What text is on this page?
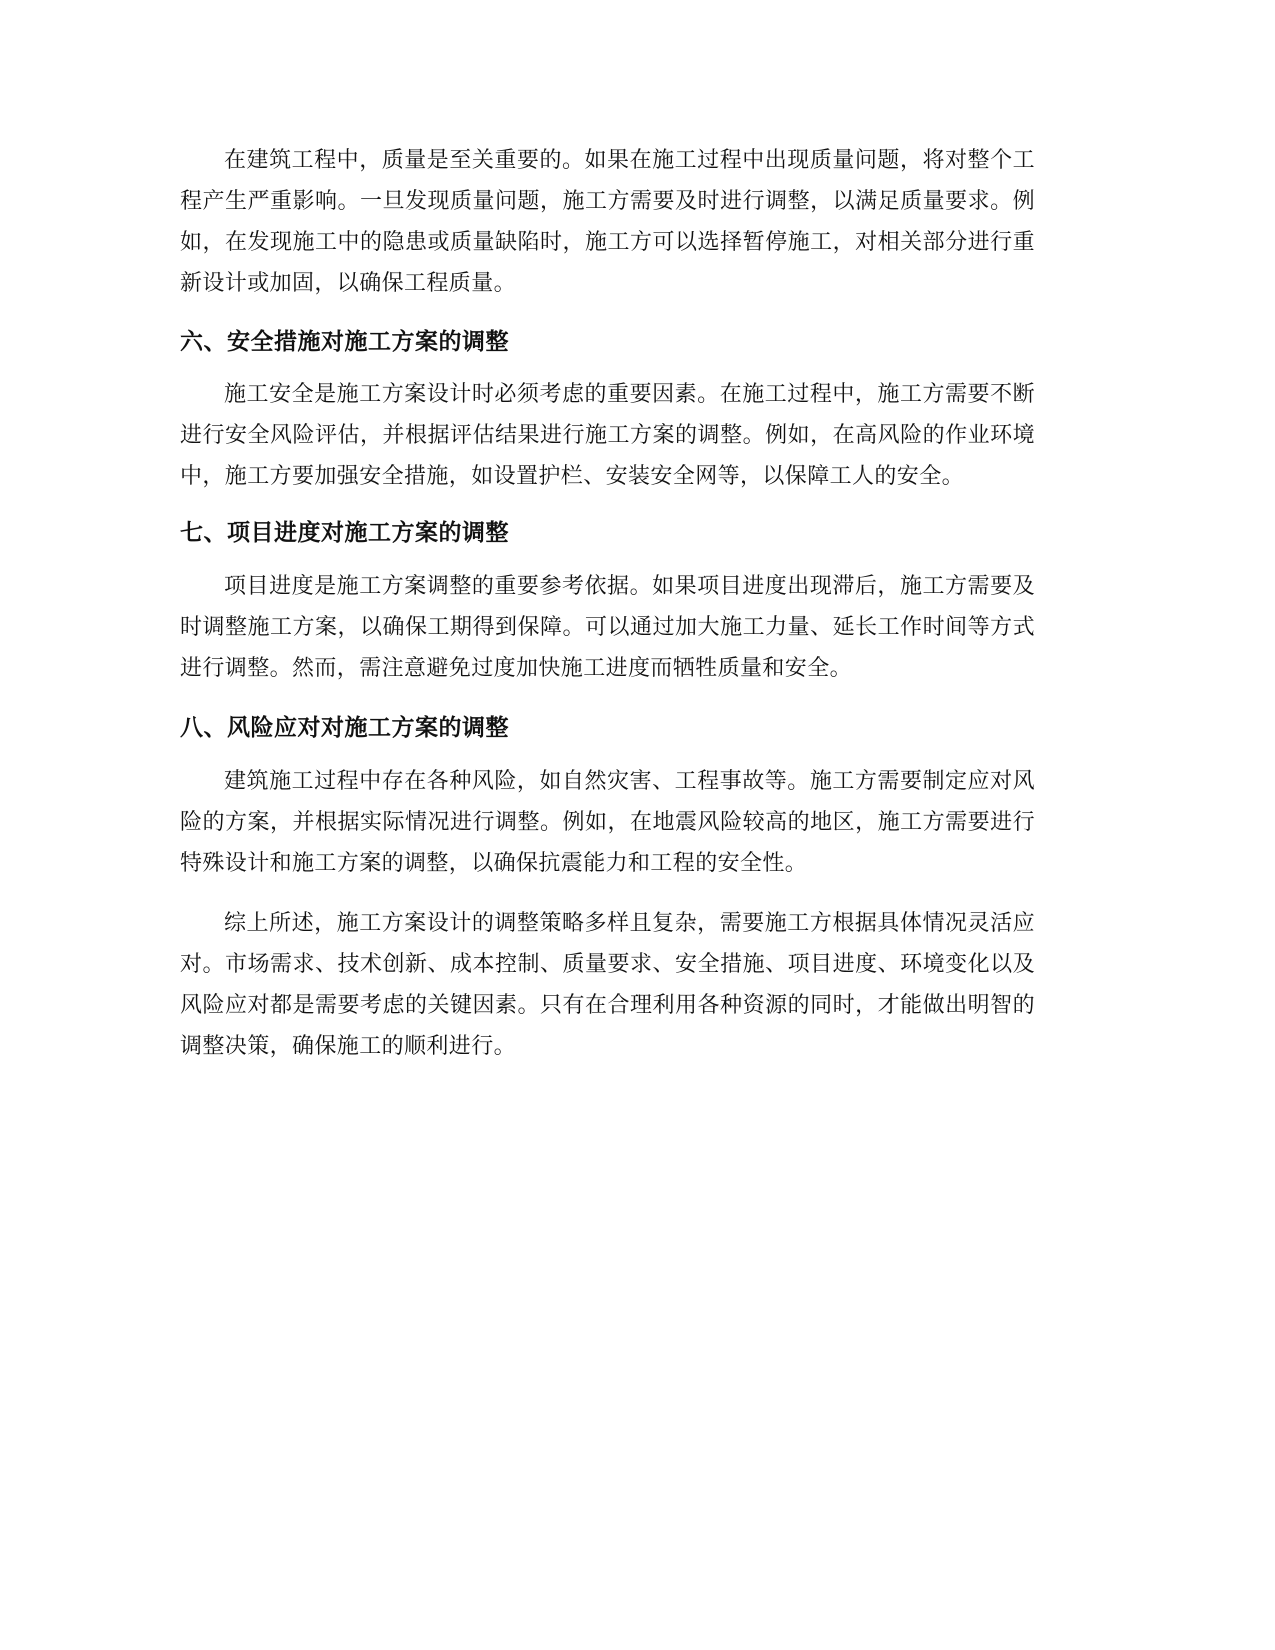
在建筑工程中，质量是至关重要的。如果在施工过程中出现质量问题，将对整个工程产生严重影响。一旦发现质量问题，施工方需要及时进行调整，以满足质量要求。例如，在发现施工中的隐患或质量缺陷时，施工方可以选择暂停施工，对相关部分进行重新设计或加固，以确保工程质量。

六、安全措施对施工方案的调整

施工安全是施工方案设计时必须考虑的重要因素。在施工过程中，施工方需要不断进行安全风险评估，并根据评估结果进行施工方案的调整。例如，在高风险的作业环境中，施工方要加强安全措施，如设置护栏、安装安全网等，以保障工人的安全。

七、项目进度对施工方案的调整

项目进度是施工方案调整的重要参考依据。如果项目进度出现滞后，施工方需要及时调整施工方案，以确保工期得到保障。可以通过加大施工力量、延长工作时间等方式进行调整。然而，需注意避免过度加快施工进度而牺牲质量和安全。

八、风险应对对施工方案的调整

建筑施工过程中存在各种风险，如自然灾害、工程事故等。施工方需要制定应对风险的方案，并根据实际情况进行调整。例如，在地震风险较高的地区，施工方需要进行特殊设计和施工方案的调整，以确保抗震能力和工程的安全性。

综上所述，施工方案设计的调整策略多样且复杂，需要施工方根据具体情况灵活应对。市场需求、技术创新、成本控制、质量要求、安全措施、项目进度、环境变化以及风险应对都是需要考虑的关键因素。只有在合理利用各种资源的同时，才能做出明智的调整决策，确保施工的顺利进行。
